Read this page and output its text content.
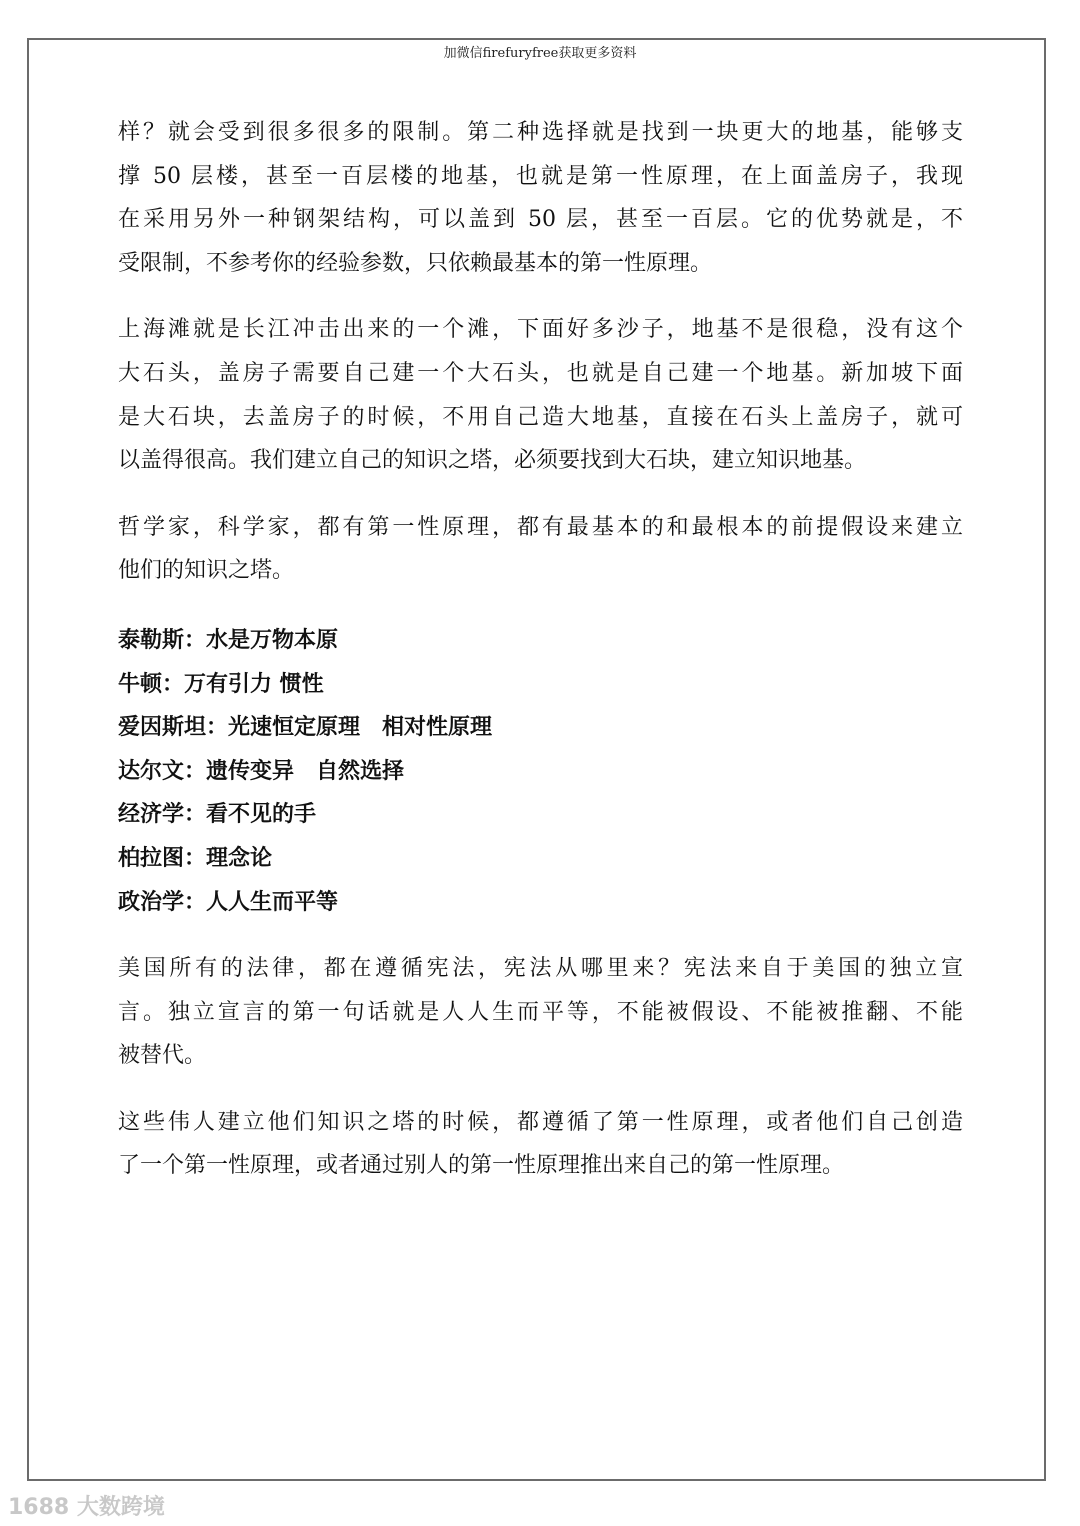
加微信firefuryfree获取更多资料
样？就会受到很多很多的限制。第二种选择就是找到一块更大的地基，能够支
撑 50 层楼，甚至一百层楼的地基，也就是第一性原理，在上面盖房子，我现
在采用另外一种钢架结构，可以盖到 50 层，甚至一百层。它的优势就是，不
受限制，不参考你的经验参数，只依赖最基本的第一性原理。
上海滩就是长江冲击出来的一个滩，下面好多沙子，地基不是很稳，没有这个
大石头，盖房子需要自己建一个大石头，也就是自己建一个地基。新加坡下面
是大石块，去盖房子的时候，不用自己造大地基，直接在石头上盖房子，就可
以盖得很高。我们建立自己的知识之塔，必须要找到大石块，建立知识地基。
哲学家，科学家，都有第一性原理，都有最基本的和最根本的前提假设来建立
他们的知识之塔。
泰勒斯：水是万物本原
牛顿：万有引力 惯性
爱因斯坦：光速恒定原理　相对性原理
达尔文：遗传变异　自然选择
经济学：看不见的手
柏拉图：理念论
政治学：人人生而平等
美国所有的法律，都在遵循宪法，宪法从哪里来？宪法来自于美国的独立宣
言。独立宣言的第一句话就是人人生而平等，不能被假设、不能被推翻、不能
被替代。
这些伟人建立他们知识之塔的时候，都遵循了第一性原理，或者他们自己创造
了一个第一性原理，或者通过别人的第一性原理推出来自己的第一性原理。
1688 大数跨境
